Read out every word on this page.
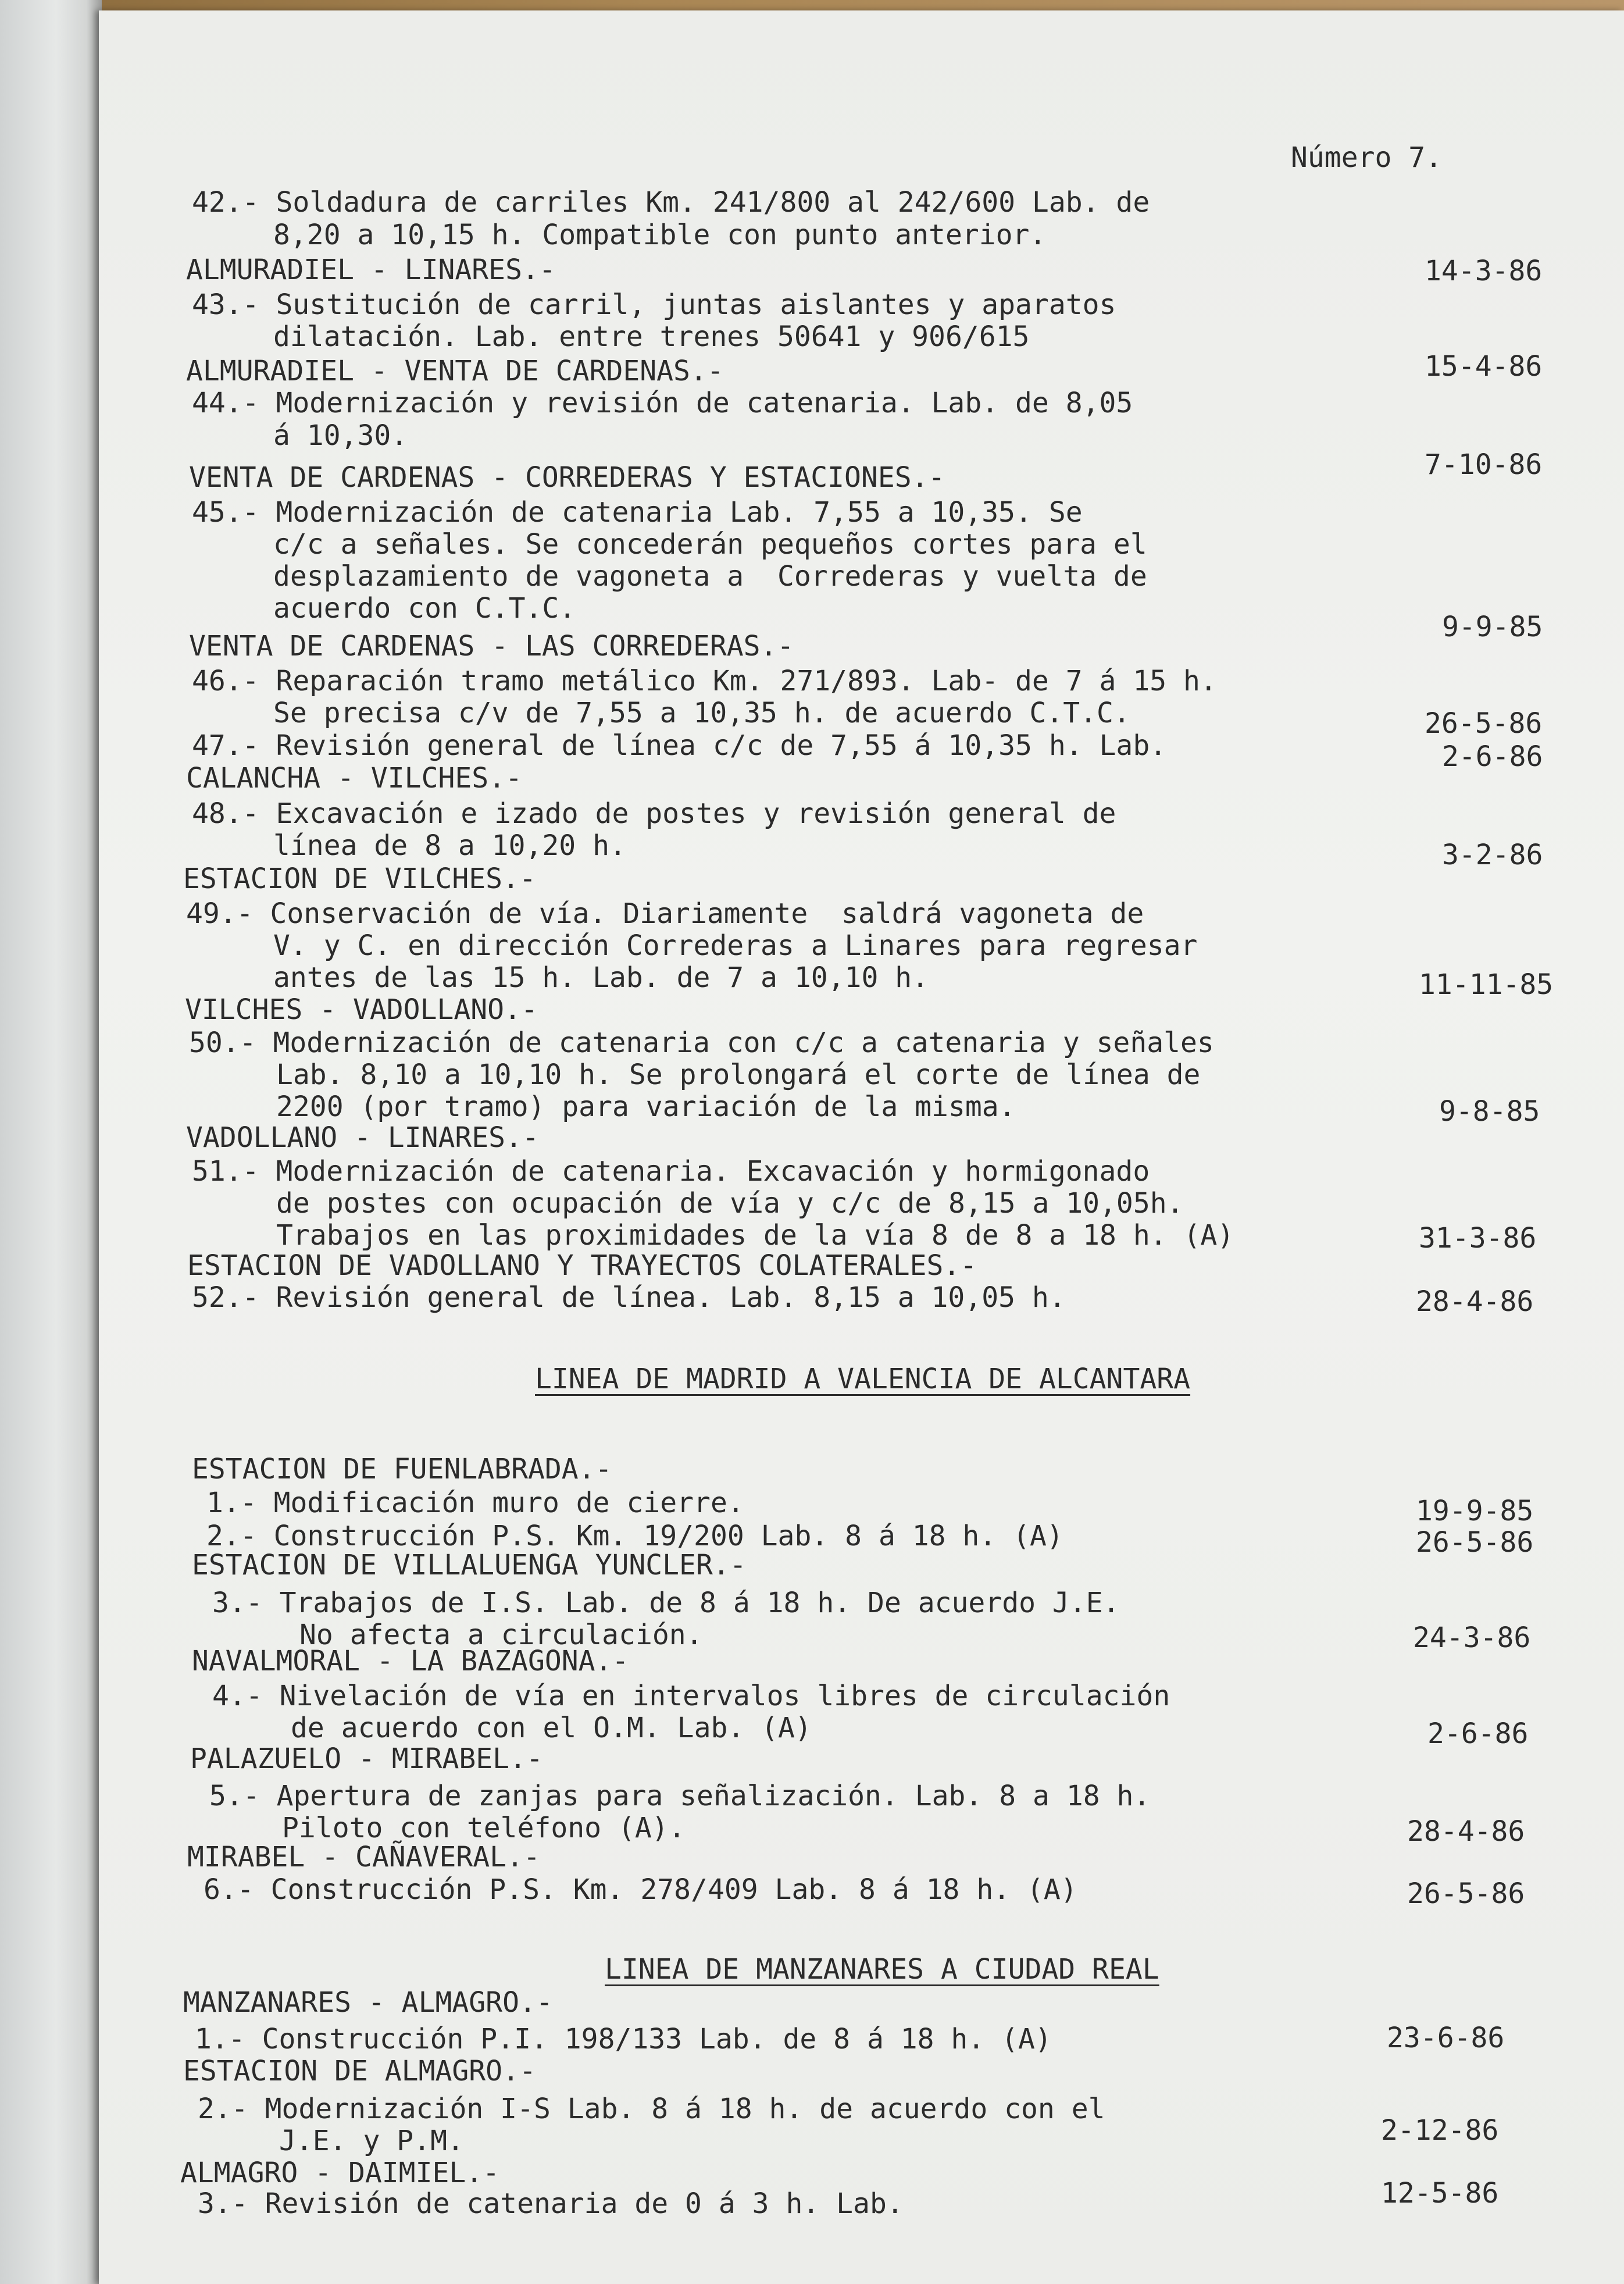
Número 7.
42.- Soldadura de carriles Km. 241/800 al 242/600 Lab. de
8,20 a 10,15 h. Compatible con punto anterior.
ALMURADIEL - LINARES.-
43.- Sustitución de carril, juntas aislantes y aparatos
dilatación. Lab. entre trenes 50641 y 906/615
ALMURADIEL - VENTA DE CARDENAS.-
44.- Modernización y revisión de catenaria. Lab. de 8,05
á 10,30.
VENTA DE CARDENAS - CORREDERAS Y ESTACIONES.-
45.- Modernización de catenaria Lab. 7,55 a 10,35. Se
c/c a señales. Se concederán pequeños cortes para el
desplazamiento de vagoneta a  Correderas y vuelta de
acuerdo con C.T.C.
VENTA DE CARDENAS - LAS CORREDERAS.-
46.- Reparación tramo metálico Km. 271/893. Lab- de 7 á 15 h.
Se precisa c/v de 7,55 a 10,35 h. de acuerdo C.T.C.
47.- Revisión general de línea c/c de 7,55 á 10,35 h. Lab.
CALANCHA - VILCHES.-
48.- Excavación e izado de postes y revisión general de
línea de 8 a 10,20 h.
ESTACION DE VILCHES.-
49.- Conservación de vía. Diariamente  saldrá vagoneta de
V. y C. en dirección Correderas a Linares para regresar
antes de las 15 h. Lab. de 7 a 10,10 h.
VILCHES - VADOLLANO.-
50.- Modernización de catenaria con c/c a catenaria y señales
Lab. 8,10 a 10,10 h. Se prolongará el corte de línea de
2200 (por tramo) para variación de la misma.
VADOLLANO - LINARES.-
51.- Modernización de catenaria. Excavación y hormigonado
de postes con ocupación de vía y c/c de 8,15 a 10,05h.
Trabajos en las proximidades de la vía 8 de 8 a 18 h. (A)
ESTACION DE VADOLLANO Y TRAYECTOS COLATERALES.-
52.- Revisión general de línea. Lab. 8,15 a 10,05 h.
LINEA DE MADRID A VALENCIA DE ALCANTARA
ESTACION DE FUENLABRADA.-
1.- Modificación muro de cierre.
2.- Construcción P.S. Km. 19/200 Lab. 8 á 18 h. (A)
ESTACION DE VILLALUENGA YUNCLER.-
3.- Trabajos de I.S. Lab. de 8 á 18 h. De acuerdo J.E.
No afecta a circulación.
NAVALMORAL - LA BAZAGONA.-
4.- Nivelación de vía en intervalos libres de circulación
de acuerdo con el O.M. Lab. (A)
PALAZUELO - MIRABEL.-
5.- Apertura de zanjas para señalización. Lab. 8 a 18 h.
Piloto con teléfono (A).
MIRABEL - CAÑAVERAL.-
6.- Construcción P.S. Km. 278/409 Lab. 8 á 18 h. (A)
LINEA DE MANZANARES A CIUDAD REAL
MANZANARES - ALMAGRO.-
1.- Construcción P.I. 198/133 Lab. de 8 á 18 h. (A)
ESTACION DE ALMAGRO.-
2.- Modernización I-S Lab. 8 á 18 h. de acuerdo con el
J.E. y P.M.
ALMAGRO - DAIMIEL.-
3.- Revisión de catenaria de 0 á 3 h. Lab.
14-3-86
15-4-86
7-10-86
9-9-85
26-5-86
2-6-86
3-2-86
11-11-85
9-8-85
31-3-86
28-4-86
19-9-85
26-5-86
24-3-86
2-6-86
28-4-86
26-5-86
23-6-86
2-12-86
12-5-86
